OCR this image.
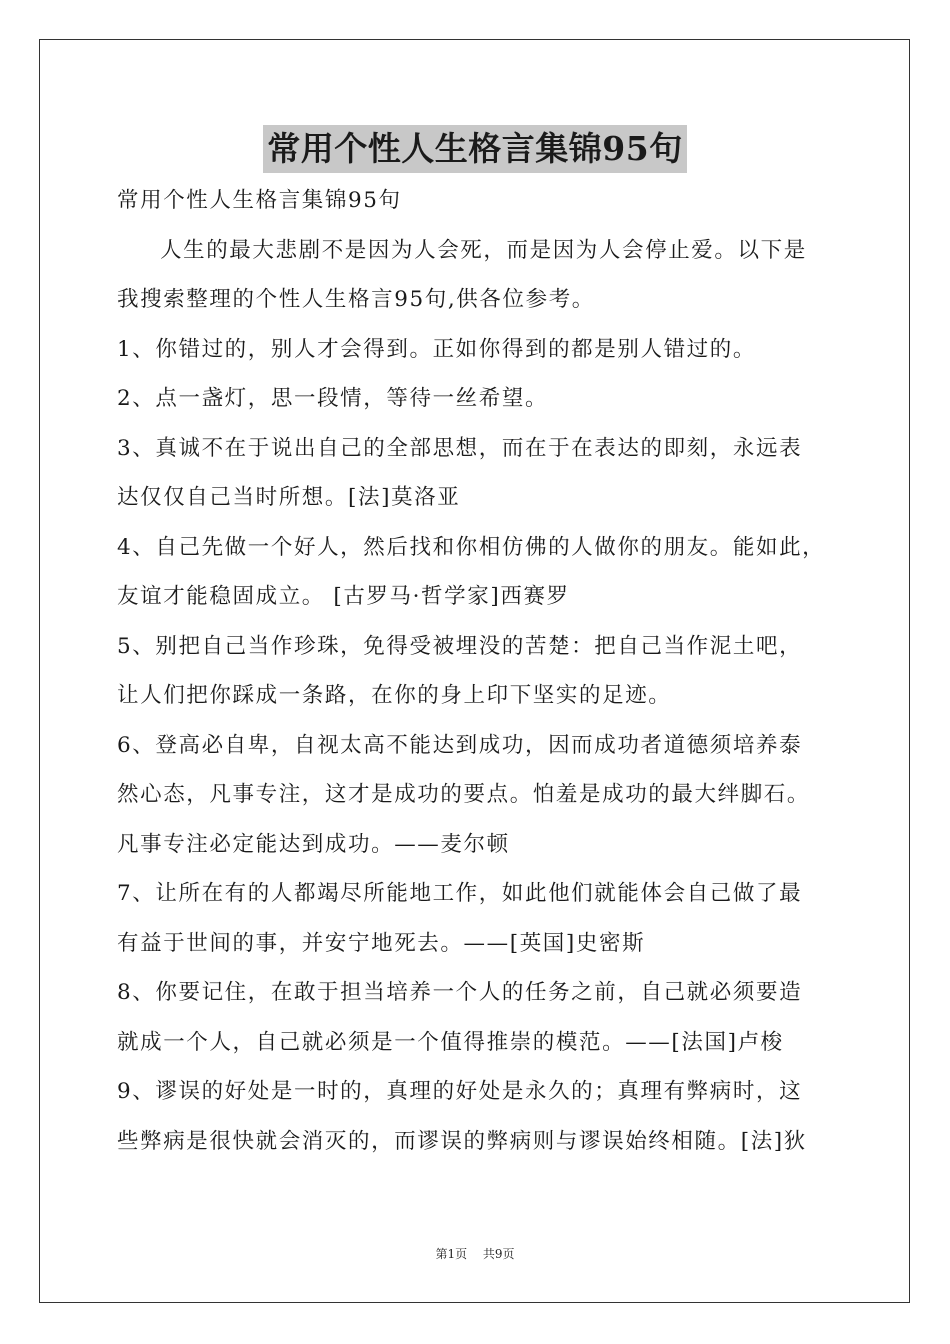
常用个性人生格言集锦95句
常用个性人生格言集锦95句
人生的最大悲剧不是因为人会死，而是因为人会停止爱。以下是
我搜索整理的个性人生格言95句,供各位参考。
1、你错过的，别人才会得到。正如你得到的都是别人错过的。
2、点一盏灯，思一段情，等待一丝希望。
3、真诚不在于说出自己的全部思想，而在于在表达的即刻，永远表
达仅仅自己当时所想。[法]莫洛亚
4、自己先做一个好人，然后找和你相仿佛的人做你的朋友。能如此，
友谊才能稳固成立。 [古罗马·哲学家]西赛罗
5、别把自己当作珍珠，免得受被埋没的苦楚：把自己当作泥土吧，
让人们把你踩成一条路，在你的身上印下坚实的足迹。
6、登高必自卑，自视太高不能达到成功，因而成功者道德须培养泰
然心态，凡事专注，这才是成功的要点。怕羞是成功的最大绊脚石。
凡事专注必定能达到成功。——麦尔顿
7、让所在有的人都竭尽所能地工作，如此他们就能体会自己做了最
有益于世间的事，并安宁地死去。——[英国]史密斯
8、你要记住，在敢于担当培养一个人的任务之前，自己就必须要造
就成一个人，自己就必须是一个值得推崇的模范。——[法国]卢梭
9、谬误的好处是一时的，真理的好处是永久的；真理有弊病时，这
些弊病是很快就会消灭的，而谬误的弊病则与谬误始终相随。[法]狄
第1页 共9页
